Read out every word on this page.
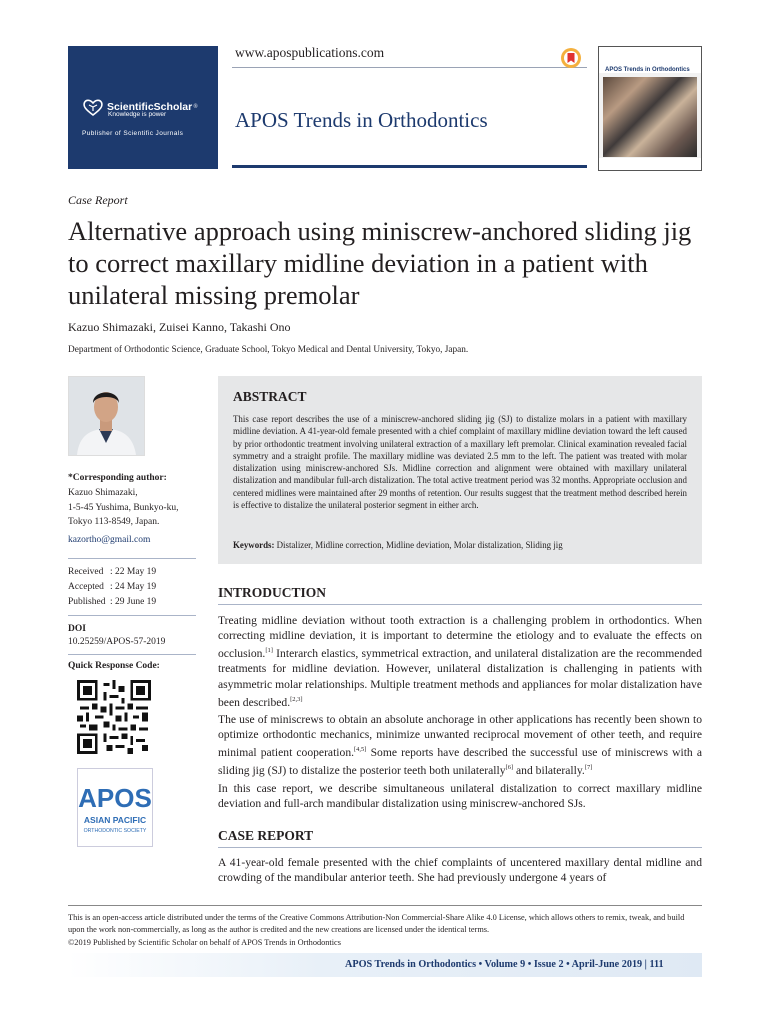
ScientificScholar ®
Knowledge is power
Publisher of Scientific Journals
www.apospublications.com
APOS Trends in Orthodontics
APOS Trends in Orthodontics
Case Report
Alternative approach using miniscrew-anchored sliding jig to correct maxillary midline deviation in a patient with unilateral missing premolar
Kazuo Shimazaki, Zuisei Kanno, Takashi Ono
Department of Orthodontic Science, Graduate School, Tokyo Medical and Dental University, Tokyo, Japan.
*Corresponding author:
Kazuo Shimazaki,
1-5-45 Yushima, Bunkyo-ku,
Tokyo 113-8549, Japan.
kazortho@gmail.com
Received : 22 May 19
Accepted : 24 May 19
Published : 29 June 19
DOI
10.25259/APOS-57-2019
Quick Response Code:
APOS
ASIAN PACIFIC
ORTHODONTIC SOCIETY
ABSTRACT
This case report describes the use of a miniscrew-anchored sliding jig (SJ) to distalize molars in a patient with maxillary midline deviation. A 41-year-old female presented with a chief complaint of maxillary midline deviation toward the left caused by prior orthodontic treatment involving unilateral extraction of a maxillary left premolar. Clinical examination revealed facial symmetry and a straight profile. The maxillary midline was deviated 2.5 mm to the left. The patient was treated with molar distalization using miniscrew-anchored SJs. Midline correction and alignment were obtained with maxillary unilateral distalization and mandibular full-arch distalization. The total active treatment period was 32 months. Appropriate occlusion and centered midlines were maintained after 29 months of retention. Our results suggest that the treatment method described herein is effective to distalize the unilateral posterior segment in either arch.
Keywords: Distalizer, Midline correction, Midline deviation, Molar distalization, Sliding jig
INTRODUCTION
Treating midline deviation without tooth extraction is a challenging problem in orthodontics. When correcting midline deviation, it is important to determine the etiology and to evaluate the effects on occlusion.[1] Interarch elastics, symmetrical extraction, and unilateral distalization are the recommended treatments for midline deviation. However, unilateral distalization is challenging in patients with asymmetric molar relationships. Multiple treatment methods and appliances for molar distalization have been described.[2,3]
The use of miniscrews to obtain an absolute anchorage in other applications has recently been shown to optimize orthodontic mechanics, minimize unwanted reciprocal movement of other teeth, and require minimal patient cooperation.[4,5] Some reports have described the successful use of miniscrews with a sliding jig (SJ) to distalize the posterior teeth both unilaterally[6] and bilaterally.[7]
In this case report, we describe simultaneous unilateral distalization to correct maxillary midline deviation and full-arch mandibular distalization using miniscrew-anchored SJs.
CASE REPORT
A 41-year-old female presented with the chief complaints of uncentered maxillary dental midline and crowding of the mandibular anterior teeth. She had previously undergone 4 years of
This is an open-access article distributed under the terms of the Creative Commons Attribution-Non Commercial-Share Alike 4.0 License, which allows others to remix, tweak, and build upon the work non-commercially, as long as the author is credited and the new creations are licensed under the identical terms.
©2019 Published by Scientific Scholar on behalf of APOS Trends in Orthodontics
APOS Trends in Orthodontics • Volume 9 • Issue 2 • April-June 2019 | 111
